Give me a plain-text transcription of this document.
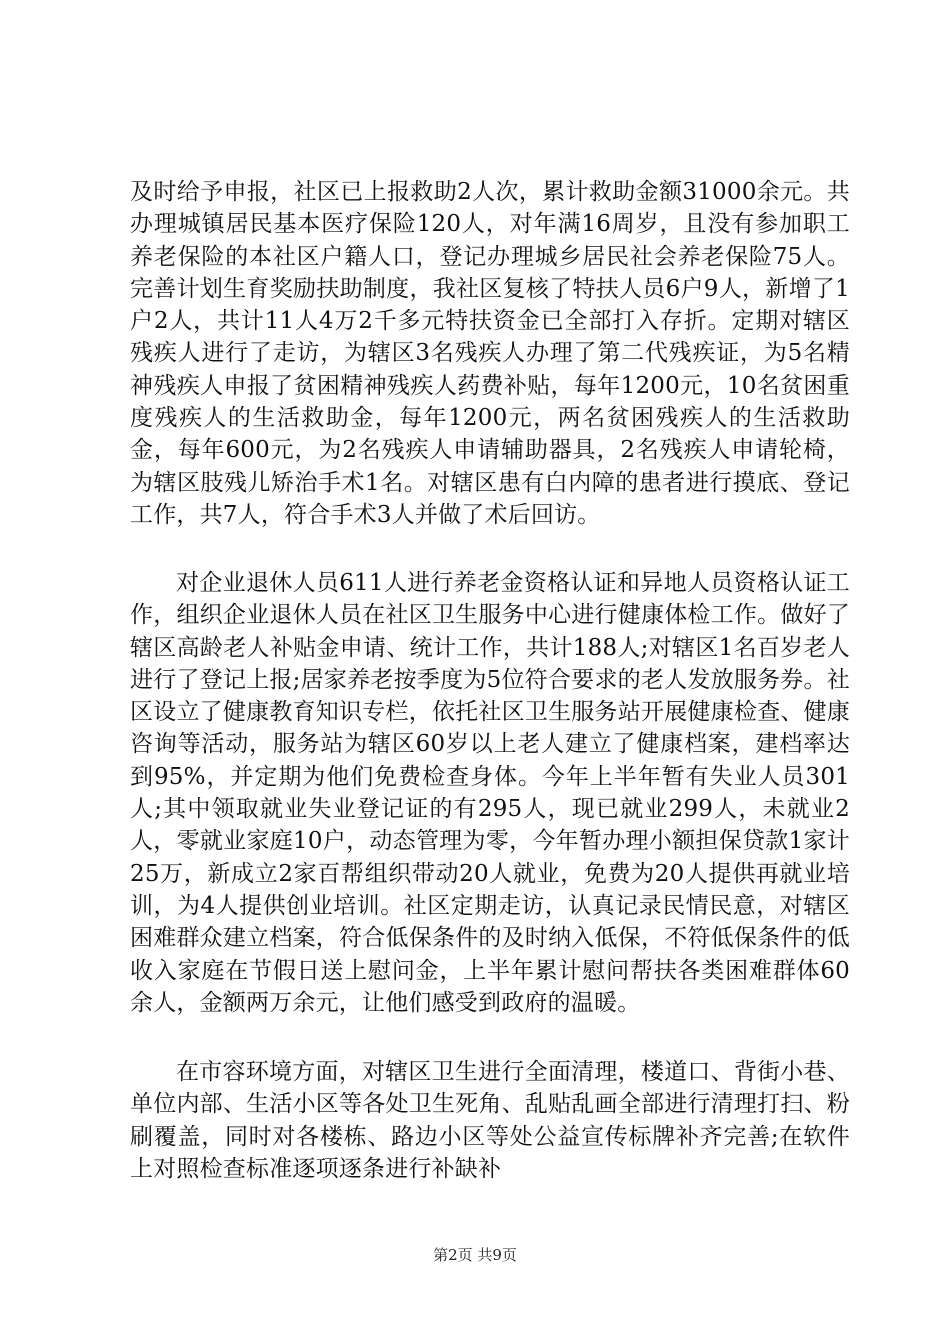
及时给予申报，社区已上报救助2人次，累计救助金额31000余元。共办理城镇居民基本医疗保险120人，对年满16周岁，且没有参加职工养老保险的本社区户籍人口，登记办理城乡居民社会养老保险75人。完善计划生育奖励扶助制度，我社区复核了特扶人员6户9人，新增了1户2人，共计11人4万2千多元特扶资金已全部打入存折。定期对辖区残疾人进行了走访，为辖区3名残疾人办理了第二代残疾证，为5名精神残疾人申报了贫困精神残疾人药费补贴，每年1200元，10名贫困重度残疾人的生活救助金，每年1200元，两名贫困残疾人的生活救助金，每年600元，为2名残疾人申请辅助器具，2名残疾人申请轮椅，为辖区肢残儿矫治手术1名。对辖区患有白内障的患者进行摸底、登记工作，共7人，符合手术3人并做了术后回访。
对企业退休人员611人进行养老金资格认证和异地人员资格认证工作，组织企业退休人员在社区卫生服务中心进行健康体检工作。做好了辖区高龄老人补贴金申请、统计工作，共计188人;对辖区1名百岁老人进行了登记上报;居家养老按季度为5位符合要求的老人发放服务券。社区设立了健康教育知识专栏，依托社区卫生服务站开展健康检查、健康咨询等活动，服务站为辖区60岁以上老人建立了健康档案，建档率达到95%，并定期为他们免费检查身体。今年上半年暂有失业人员301人;其中领取就业失业登记证的有295人，现已就业299人，未就业2人，零就业家庭10户，动态管理为零，今年暂办理小额担保贷款1家计25万，新成立2家百帮组织带动20人就业，免费为20人提供再就业培训，为4人提供创业培训。社区定期走访，认真记录民情民意，对辖区困难群众建立档案，符合低保条件的及时纳入低保，不符低保条件的低收入家庭在节假日送上慰问金，上半年累计慰问帮扶各类困难群体60余人，金额两万余元，让他们感受到政府的温暖。
在市容环境方面，对辖区卫生进行全面清理，楼道口、背街小巷、单位内部、生活小区等各处卫生死角、乱贴乱画全部进行清理打扫、粉刷覆盖，同时对各楼栋、路边小区等处公益宣传标牌补齐完善;在软件上对照检查标准逐项逐条进行补缺补
第2页 共9页
